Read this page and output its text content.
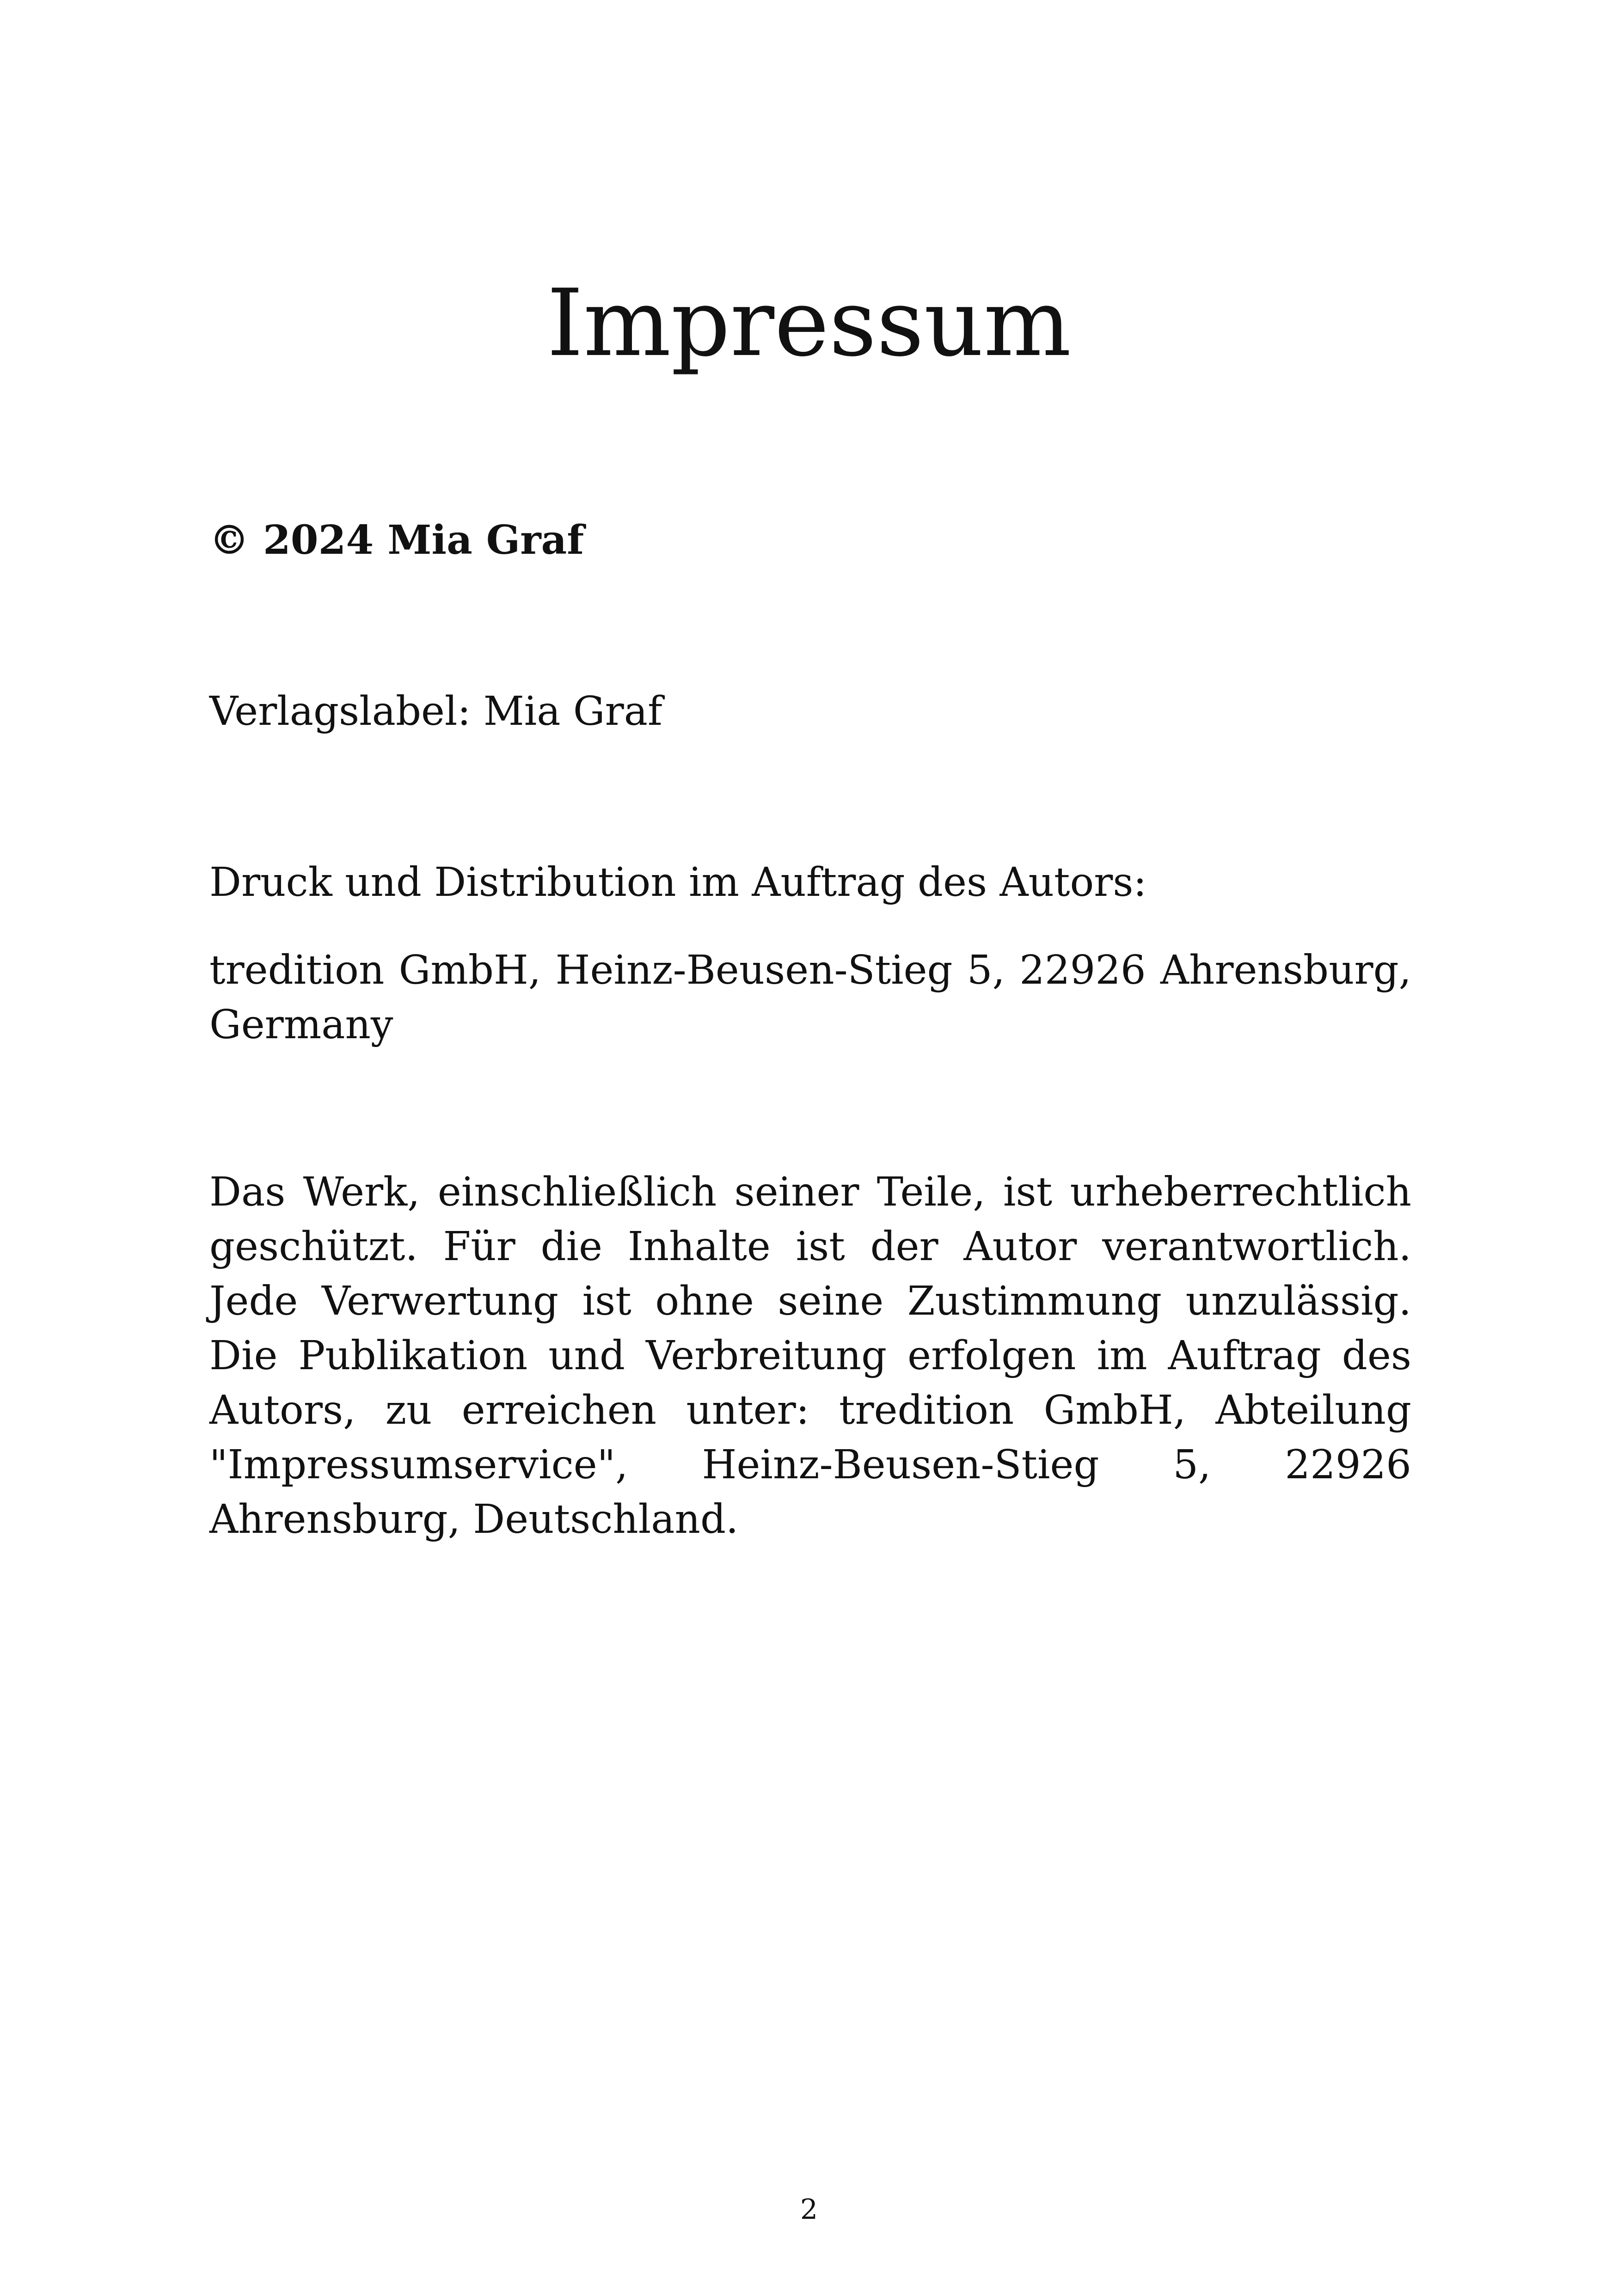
Impressum

© 2024 Mia Graf

Verlagslabel: Mia Graf

Druck und Distribution im Auftrag des Autors:

tredition GmbH, Heinz-Beusen-Stieg 5, 22926 Ahrensburg, Germany

Das Werk, einschließlich seiner Teile, ist urheberrechtlich geschützt. Für die Inhalte ist der Autor verantwortlich. Jede Verwertung ist ohne seine Zustimmung unzulässig. Die Publikation und Verbreitung erfolgen im Auftrag des Autors, zu erreichen unter: tredition GmbH, Abteilung "Impressumservice", Heinz-Beusen-Stieg 5, 22926 Ahrensburg, Deutschland.

2
